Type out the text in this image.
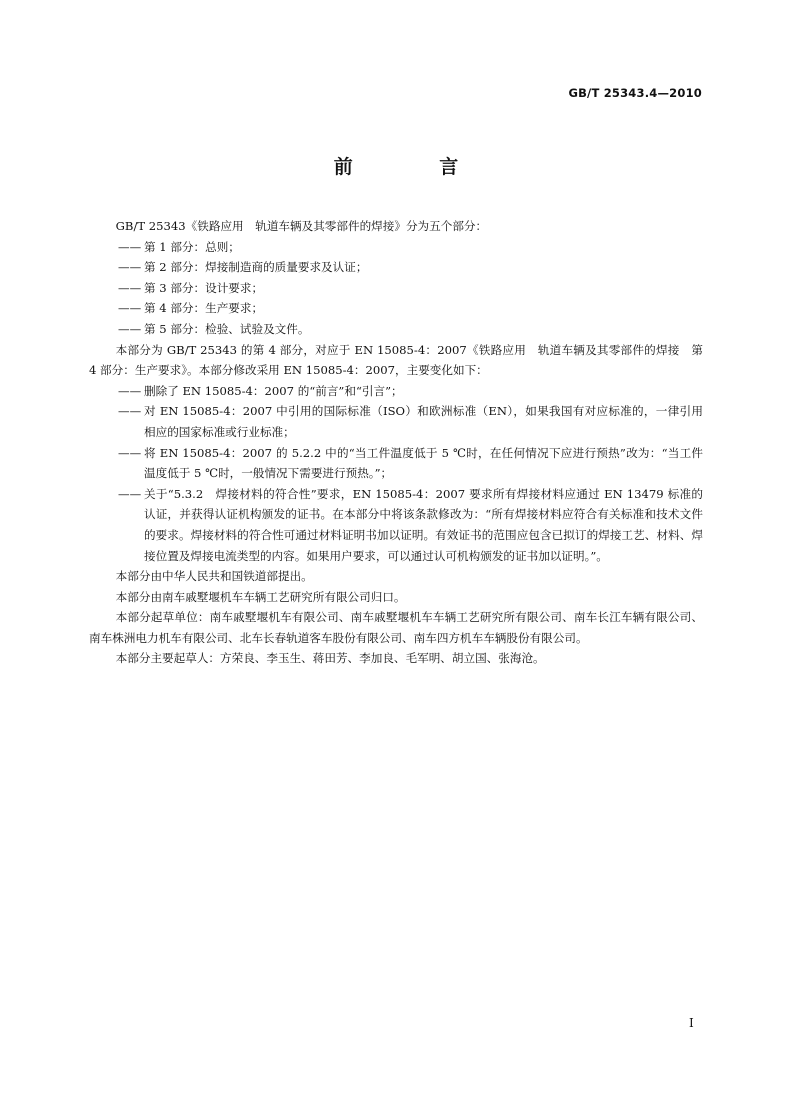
GB/T 25343.4—2010
前 言

GB/T 25343《铁路应用　轨道车辆及其零部件的焊接》分为五个部分：

—— 第 1 部分：总则；

—— 第 2 部分：焊接制造商的质量要求及认证；

—— 第 3 部分：设计要求；

—— 第 4 部分：生产要求；

—— 第 5 部分：检验、试验及文件。

本部分为 GB/T 25343 的第 4 部分，对应于 EN 15085-4：2007《铁路应用　轨道车辆及其零部件的焊接　第 4 部分：生产要求》。本部分修改采用 EN 15085-4：2007，主要变化如下：

—— 删除了 EN 15085-4：2007 的“前言”和“引言”；

—— 对 EN 15085-4：2007 中引用的国际标准（ISO）和欧洲标准（EN），如果我国有对应标准的，一律引用相应的国家标准或行业标准；

—— 将 EN 15085-4：2007 的 5.2.2 中的“当工件温度低于 5 ℃时，在任何情况下应进行预热”改为：“当工件温度低于 5 ℃时，一般情况下需要进行预热。”；

—— 关于“5.3.2　焊接材料的符合性”要求，EN 15085-4：2007 要求所有焊接材料应通过 EN 13479 标准的认证，并获得认证机构颁发的证书。在本部分中将该条款修改为：“所有焊接材料应符合有关标准和技术文件的要求。焊接材料的符合性可通过材料证明书加以证明。有效证书的范围应包含已拟订的焊接工艺、材料、焊接位置及焊接电流类型的内容。如果用户要求，可以通过认可机构颁发的证书加以证明。”。

本部分由中华人民共和国铁道部提出。

本部分由南车戚墅堰机车车辆工艺研究所有限公司归口。

本部分起草单位：南车戚墅堰机车有限公司、南车戚墅堰机车车辆工艺研究所有限公司、南车长江车辆有限公司、南车株洲电力机车有限公司、北车长春轨道客车股份有限公司、南车四方机车车辆股份有限公司。

本部分主要起草人：方荣良、李玉生、蒋田芳、李加良、毛军明、胡立国、张海沧。

I
